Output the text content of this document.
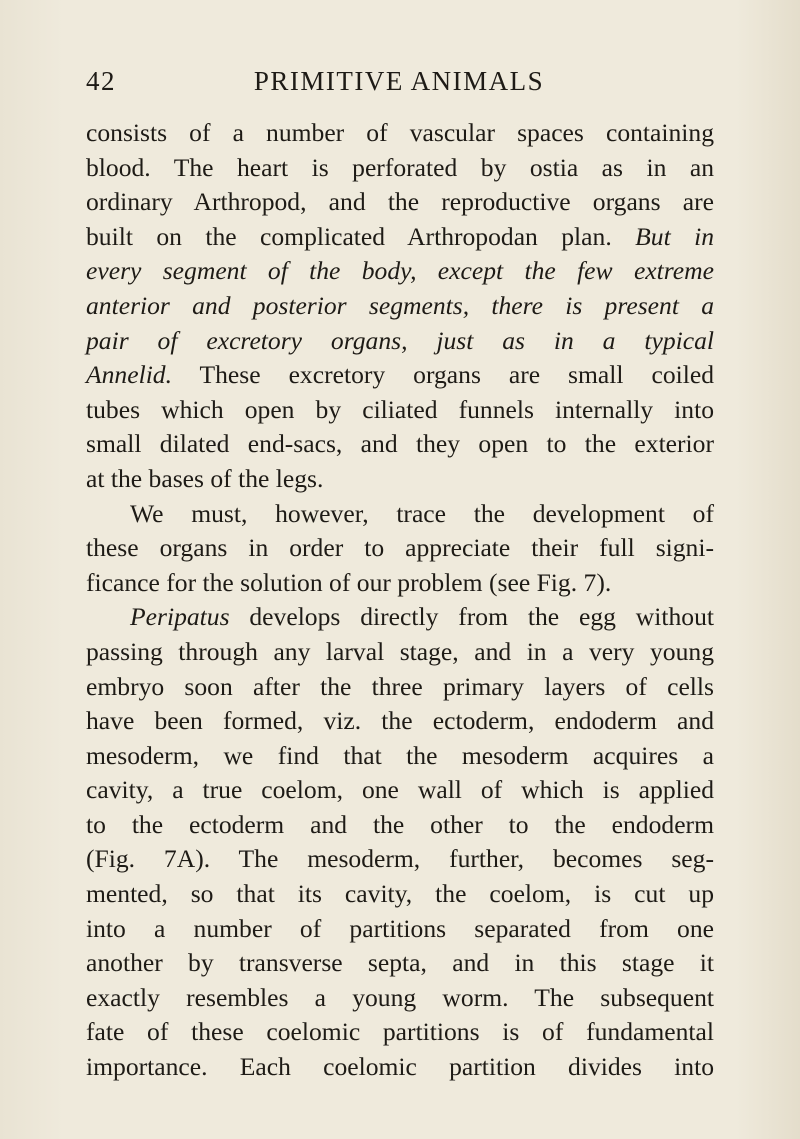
42	PRIMITIVE ANIMALS
consists of a number of vascular spaces containing
blood. The heart is perforated by ostia as in an
ordinary Arthropod, and the reproductive organs are
built on the complicated Arthropodan plan. But in
every segment of the body, except the few extreme
anterior and posterior segments, there is present a
pair of excretory organs, just as in a typical
Annelid. These excretory organs are small coiled
tubes which open by ciliated funnels internally into
small dilated end-sacs, and they open to the exterior
at the bases of the legs.
We must, however, trace the development of
these organs in order to appreciate their full signi-
ficance for the solution of our problem (see Fig. 7).
Peripatus develops directly from the egg without
passing through any larval stage, and in a very young
embryo soon after the three primary layers of cells
have been formed, viz. the ectoderm, endoderm and
mesoderm, we find that the mesoderm acquires a
cavity, a true coelom, one wall of which is applied
to the ectoderm and the other to the endoderm
(Fig. 7A). The mesoderm, further, becomes seg-
mented, so that its cavity, the coelom, is cut up
into a number of partitions separated from one
another by transverse septa, and in this stage it
exactly resembles a young worm. The subsequent
fate of these coelomic partitions is of fundamental
importance. Each coelomic partition divides into
